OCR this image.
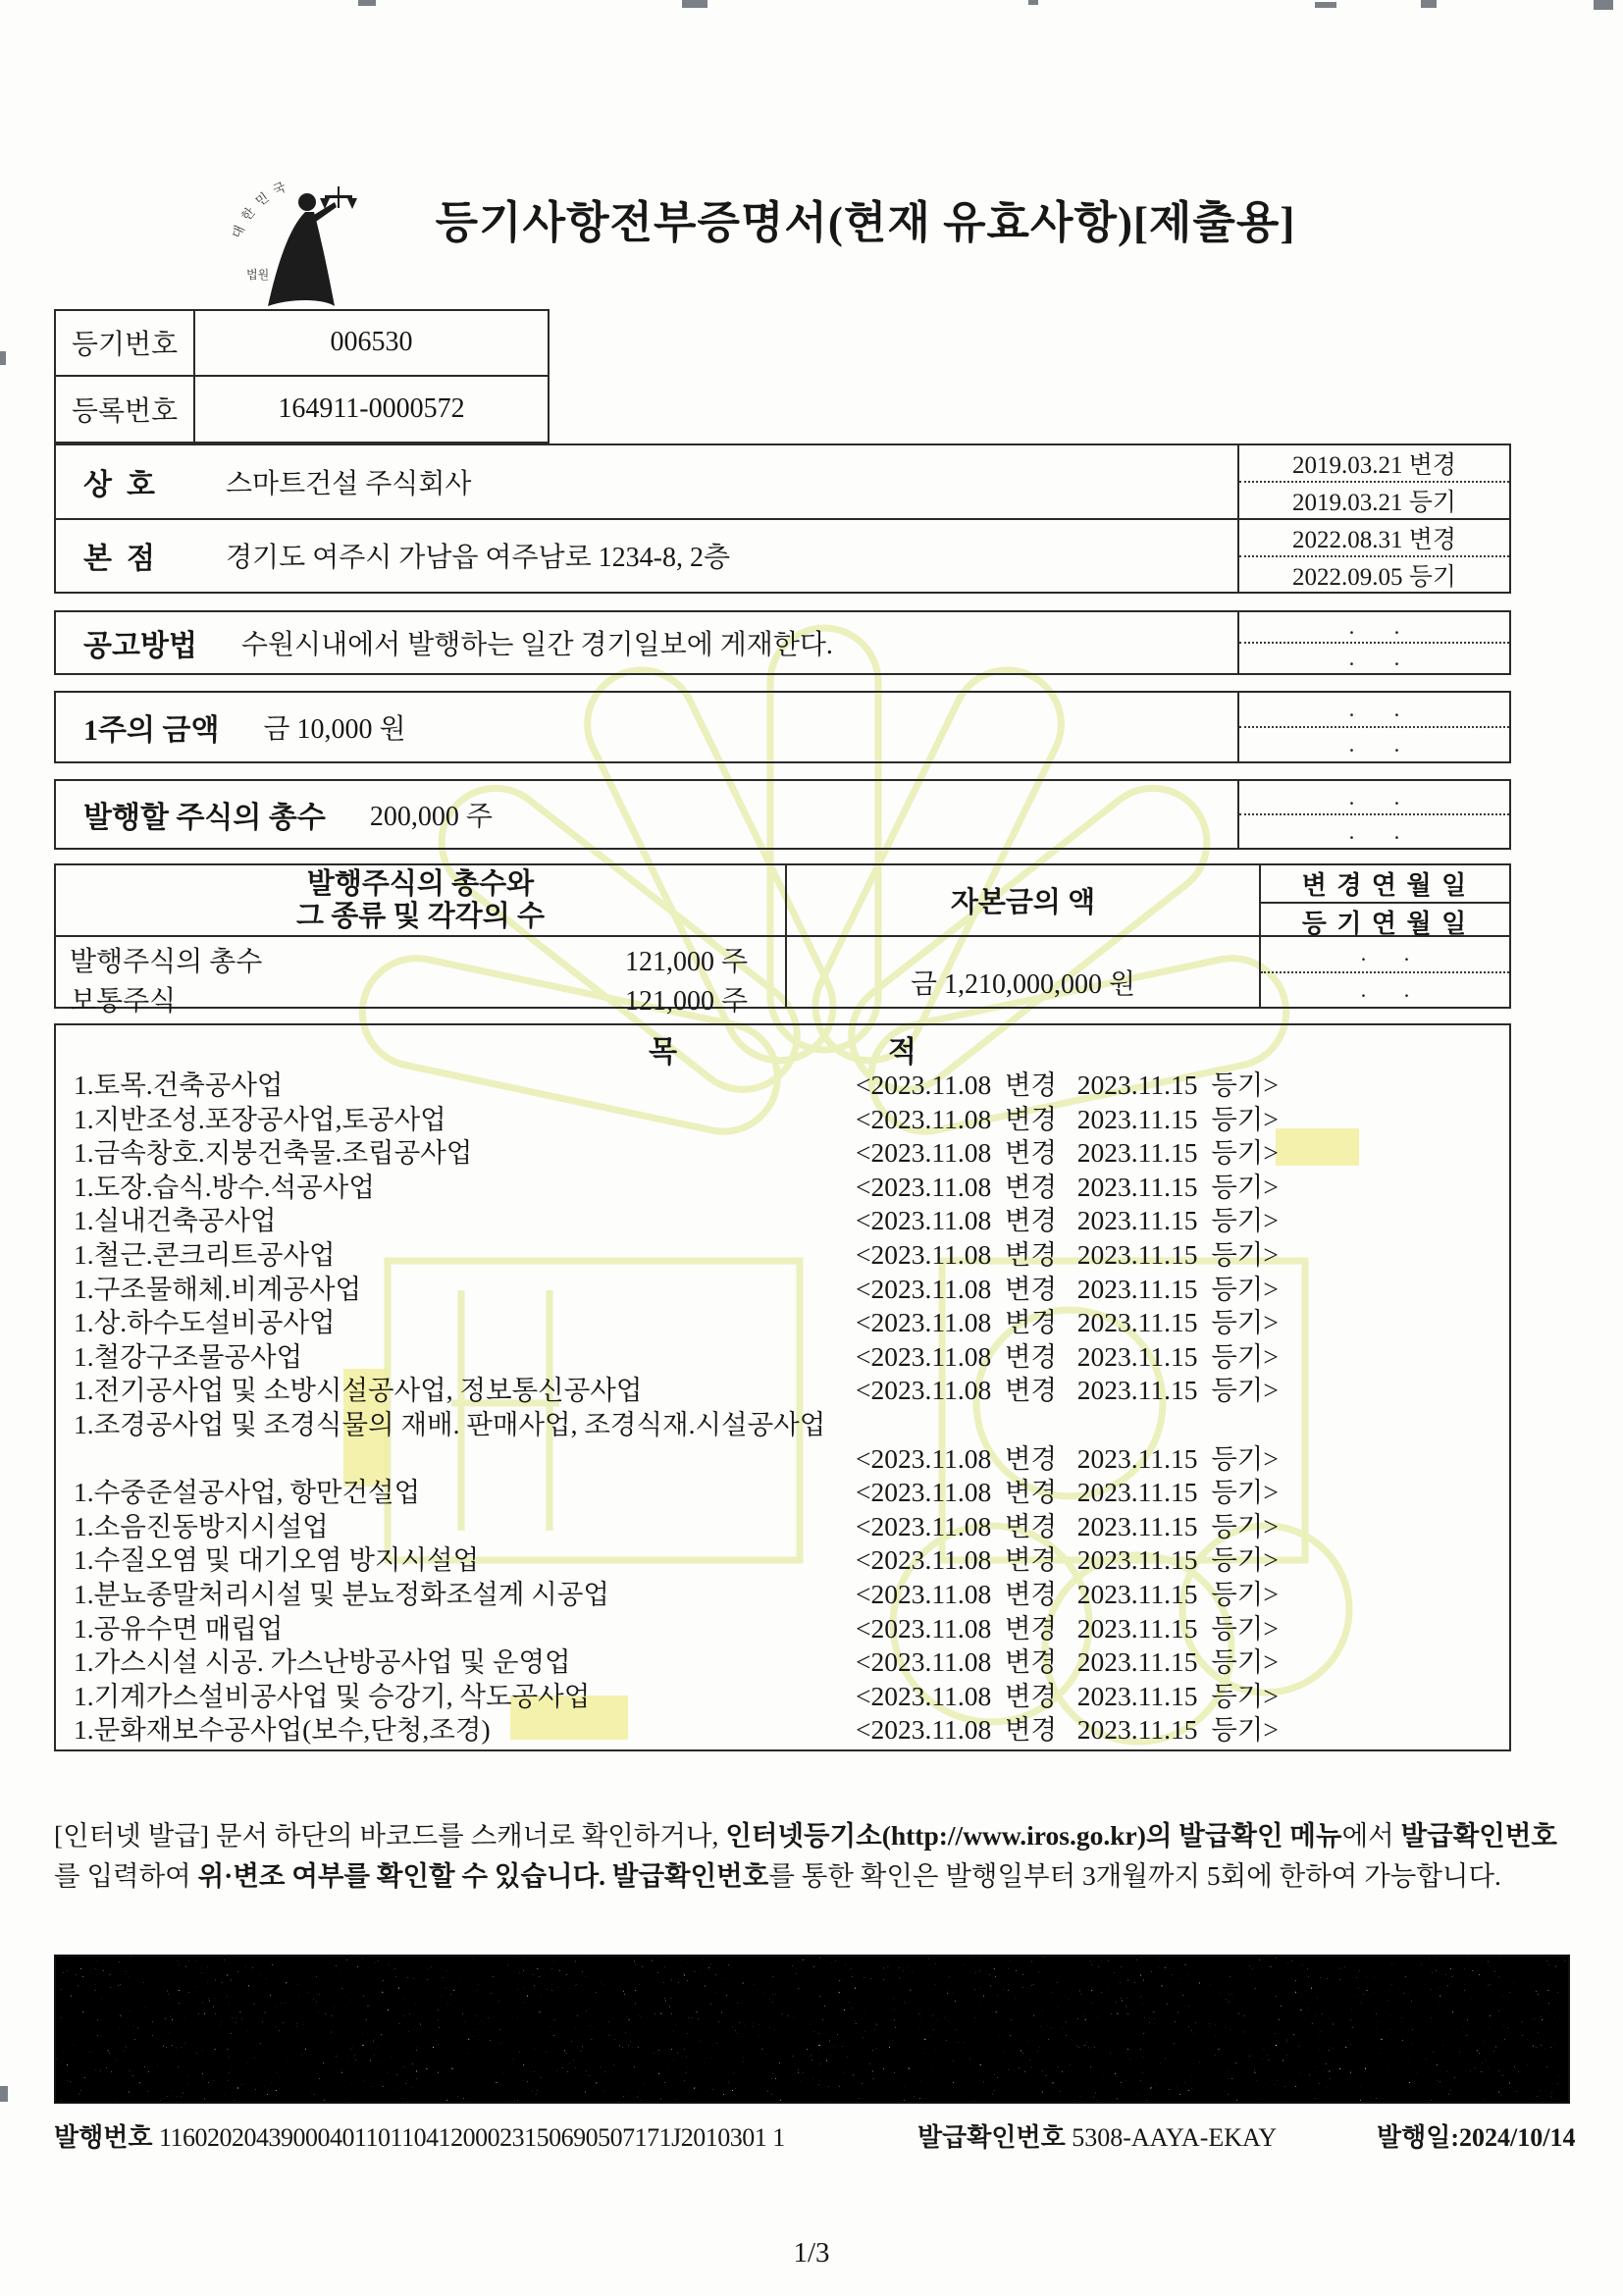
대한민국
법원
등기사항전부증명서(현재 유효사항)[제출용]
등기번호	006530
등록번호	164911-0000572
상  호	스마트건설 주식회사
2019.03.21 변경
2019.03.21 등기
본  점	경기도 여주시 가남읍 여주남로 1234-8, 2층
2022.08.31 변경
2022.09.05 등기
공고방법 수원시내에서 발행하는 일간 경기일보에 게재한다.
.       .
.       .
1주의 금액 금 10,000 원
.       .
.       .
발행할 주식의 총수 200,000 주
.       .
.       .
발행주식의 총수와
그 종류 및 각각의 수	자본금의 액
변 경 연 월 일
등 기 연 월 일
발행주식의 총수	121,000 주
보통주식	121,000 주
금 1,210,000,000 원
.       .
.       .
목	적
1.토목.건축공사업	<2023.11.08  변경   2023.11.15  등기>
1.지반조성.포장공사업,토공사업	<2023.11.08  변경   2023.11.15  등기>
1.금속창호.지붕건축물.조립공사업	<2023.11.08  변경   2023.11.15  등기>
1.도장.습식.방수.석공사업	<2023.11.08  변경   2023.11.15  등기>
1.실내건축공사업	<2023.11.08  변경   2023.11.15  등기>
1.철근.콘크리트공사업	<2023.11.08  변경   2023.11.15  등기>
1.구조물해체.비계공사업	<2023.11.08  변경   2023.11.15  등기>
1.상.하수도설비공사업	<2023.11.08  변경   2023.11.15  등기>
1.철강구조물공사업	<2023.11.08  변경   2023.11.15  등기>
1.전기공사업 및 소방시설공사업, 정보통신공사업	<2023.11.08  변경   2023.11.15  등기>
1.조경공사업 및 조경식물의 재배. 판매사업, 조경식재.시설공사업
<2023.11.08  변경   2023.11.15  등기>
1.수중준설공사업, 항만건설업	<2023.11.08  변경   2023.11.15  등기>
1.소음진동방지시설업	<2023.11.08  변경   2023.11.15  등기>
1.수질오염 및 대기오염 방지시설업	<2023.11.08  변경   2023.11.15  등기>
1.분뇨종말처리시설 및 분뇨정화조설계 시공업	<2023.11.08  변경   2023.11.15  등기>
1.공유수면 매립업	<2023.11.08  변경   2023.11.15  등기>
1.가스시설 시공. 가스난방공사업 및 운영업	<2023.11.08  변경   2023.11.15  등기>
1.기계가스설비공사업 및 승강기, 삭도공사업	<2023.11.08  변경   2023.11.15  등기>
1.문화재보수공사업(보수,단청,조경)	<2023.11.08  변경   2023.11.15  등기>

[인터넷 발급] 문서 하단의 바코드를 스캐너로 확인하거나, 인터넷등기소(http://www.iros.go.kr)의 발급확인 메뉴에서 발급확인번호를 입력하여 위·변조 여부를 확인할 수 있습니다. 발급확인번호를 통한 확인은 발행일부터 3개월까지 5회에 한하여 가능합니다.

발행번호 116020204390004011011041200023150690507171J2010301 1	발급확인번호 5308-AAYA-EKAY	발행일:2024/10/14
1/3
